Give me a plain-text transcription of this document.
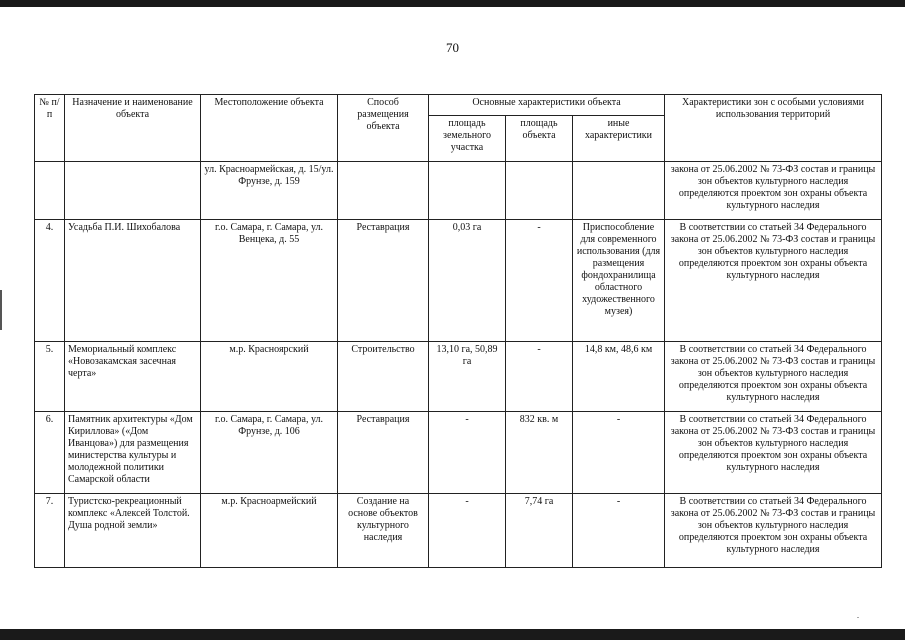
70
№ п/п	Назначение и наименование объекта	Местоположение объекта	Способ размещения объекта	Основные характеристики объекта			Характеристики зон с особыми условиями использования территорий
				площадь земельного участка	площадь объекта	иные характеристики	
		ул. Красноармейская, д. 15/ул. Фрунзе, д. 159					закона от 25.06.2002 № 73-ФЗ состав и границы зон объектов культурного наследия определяются проектом зон охраны объекта культурного наследия
4.	Усадьба П.И. Шихобалова	г.о. Самара, г. Самара, ул. Венцека, д. 55	Реставрация	0,03 га	-	Приспособление для современного использования (для размещения фондохранилища областного художественного музея)	В соответствии со статьей 34 Федерального закона от 25.06.2002 № 73-ФЗ состав и границы зон объектов культурного наследия определяются проектом зон охраны объекта культурного наследия
5.	Мемориальный комплекс «Новозакамская засечная черта»	м.р. Красноярский	Строительство	13,10 га, 50,89 га	-	14,8 км, 48,6 км	В соответствии со статьей 34 Федерального закона от 25.06.2002 № 73-ФЗ состав и границы зон объектов культурного наследия определяются проектом зон охраны объекта культурного наследия
6.	Памятник архитектуры «Дом Кириллова» («Дом Иванцова») для размещения министерства культуры и молодежной политики Самарской области	г.о. Самара, г. Самара, ул. Фрунзе, д. 106	Реставрация	-	832 кв. м	-	В соответствии со статьей 34 Федерального закона от 25.06.2002 № 73-ФЗ состав и границы зон объектов культурного наследия определяются проектом зон охраны объекта культурного наследия
7.	Туристско-рекреационный комплекс «Алексей Толстой. Душа родной земли»	м.р. Красноармейский	Создание на основе объектов культурного наследия	-	7,74 га	-	В соответствии со статьей 34 Федерального закона от 25.06.2002 № 73-ФЗ состав и границы зон объектов культурного наследия определяются проектом зон охраны объекта культурного наследия
.
